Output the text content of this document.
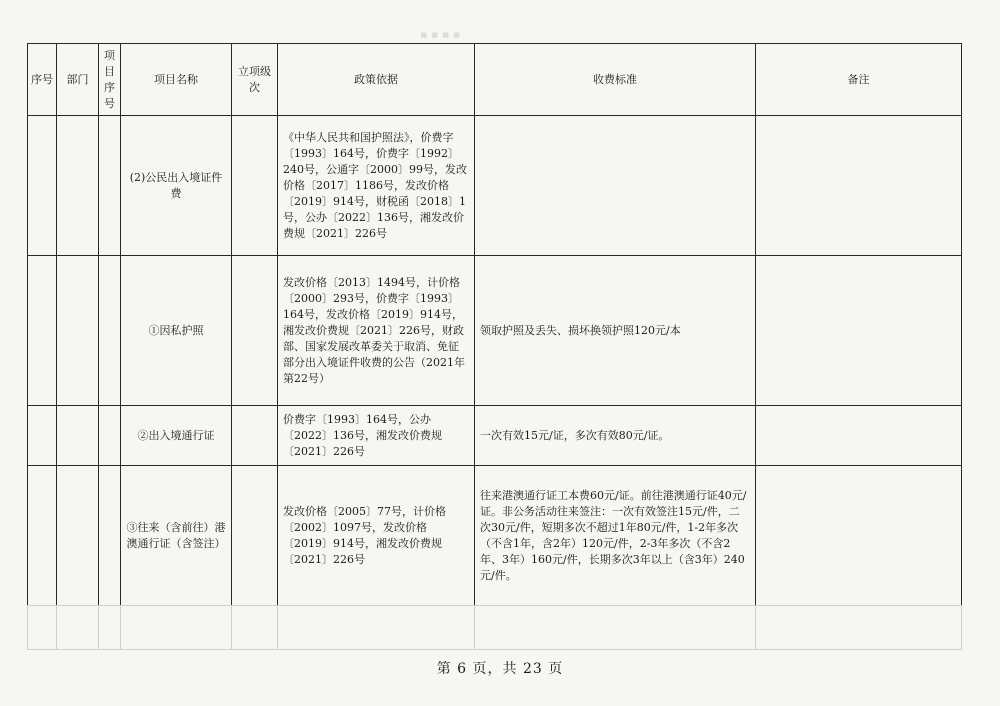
▪ ▪ ▪ ▪
序号	部门	项目序号	项目名称	立项级次	政策依据	收费标准	备注
			(2)公民出入境证件费		《中华人民共和国护照法》，价费字〔1993〕164号，价费字〔1992〕240号，公通字〔2000〕99号，发改价格〔2017〕1186号，发改价格〔2019〕914号，财税函〔2018〕1号，公办〔2022〕136号，湘发改价费规〔2021〕226号		
			①因私护照		发改价格〔2013〕1494号，计价格〔2000〕293号，价费字〔1993〕164号，发改价格〔2019〕914号，湘发改价费规〔2021〕226号，财政部、国家发展改革委关于取消、免征部分出入境证件收费的公告（2021年第22号）	领取护照及丢失、损坏换领护照120元/本	
			②出入境通行证		价费字〔1993〕164号，公办〔2022〕136号，湘发改价费规〔2021〕226号	一次有效15元/证，多次有效80元/证。	
			③往来（含前往）港澳通行证（含签注）		发改价格〔2005〕77号，计价格〔2002〕1097号，发改价格〔2019〕914号，湘发改价费规〔2021〕226号	往来港澳通行证工本费60元/证。前往港澳通行证40元/证。非公务活动往来签注：一次有效签注15元/件，二次30元/件，短期多次不超过1年80元/件，1-2年多次（不含1年，含2年）120元/件，2-3年多次（不含2年、3年）160元/件，长期多次3年以上（含3年）240元/件。	

第 6 页，共 23 页
